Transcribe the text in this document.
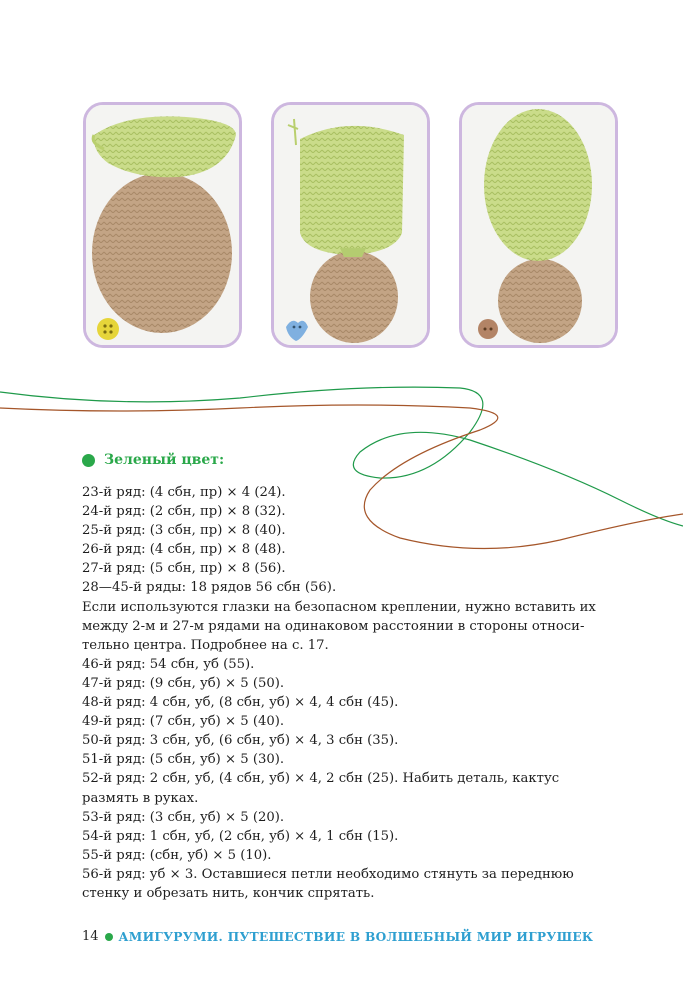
Зеленый цвет:
23-й ряд: (4 сбн, пр) × 4 (24).
24-й ряд: (2 сбн, пр) × 8 (32).
25-й ряд: (3 сбн, пр) × 8 (40).
26-й ряд: (4 сбн, пр) × 8 (48).
27-й ряд: (5 сбн, пр) × 8 (56).
28—45-й ряды: 18 рядов 56 сбн (56).
Если используются глазки на безопасном креплении, нужно вставить их
между 2-м и 27-м рядами на одинаковом расстоянии в стороны относи-
тельно центра. Подробнее на с. 17.
46-й ряд: 54 сбн, уб (55).
47-й ряд: (9 сбн, уб) × 5 (50).
48-й ряд: 4 сбн, уб, (8 сбн, уб) × 4, 4 сбн (45).
49-й ряд: (7 сбн, уб) × 5 (40).
50-й ряд: 3 сбн, уб, (6 сбн, уб) × 4, 3 сбн (35).
51-й ряд: (5 сбн, уб) × 5 (30).
52-й ряд: 2 сбн, уб, (4 сбн, уб) × 4, 2 сбн (25). Набить деталь, кактус
размять в руках.
53-й ряд: (3 сбн, уб) × 5 (20).
54-й ряд: 1 сбн, уб, (2 сбн, уб) × 4, 1 сбн (15).
55-й ряд: (сбн, уб) × 5 (10).
56-й ряд: уб × 3. Оставшиеся петли необходимо стянуть за переднюю
стенку и обрезать нить, кончик спрятать.
14 АМИГУРУМИ. ПУТЕШЕСТВИЕ В ВОЛШЕБНЫЙ МИР ИГРУШЕК
